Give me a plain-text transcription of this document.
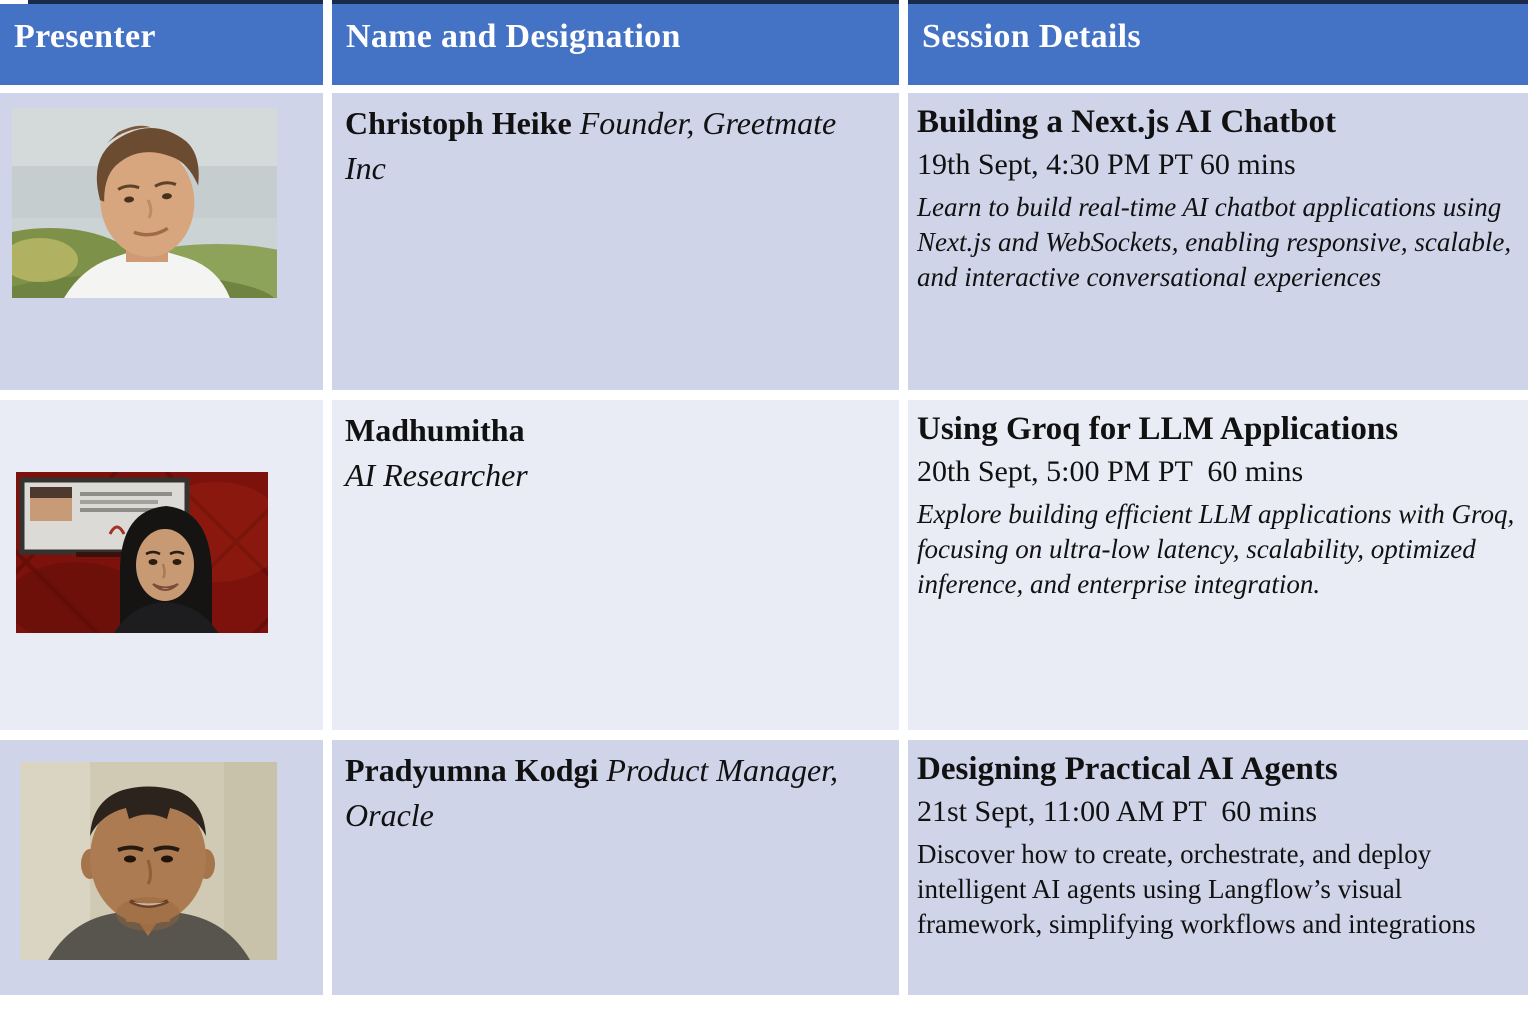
Presenter	Name and Designation	Session Details
Christoph Heike Founder, Greetmate Inc
Building a Next.js AI Chatbot
19th Sept, 4:30 PM PT 60 mins
Learn to build real-time AI chatbot applications using Next.js and WebSockets, enabling responsive, scalable, and interactive conversational experiences
Madhumitha
AI Researcher
Using Groq for LLM Applications
20th Sept, 5:00 PM PT  60 mins
Explore building efficient LLM applications with Groq, focusing on ultra-low latency, scalability, optimized inference, and enterprise integration.
Pradyumna Kodgi Product Manager, Oracle
Designing Practical AI Agents
21st Sept, 11:00 AM PT  60 mins
Discover how to create, orchestrate, and deploy intelligent AI agents using Langflow’s visual framework, simplifying workflows and integrations
